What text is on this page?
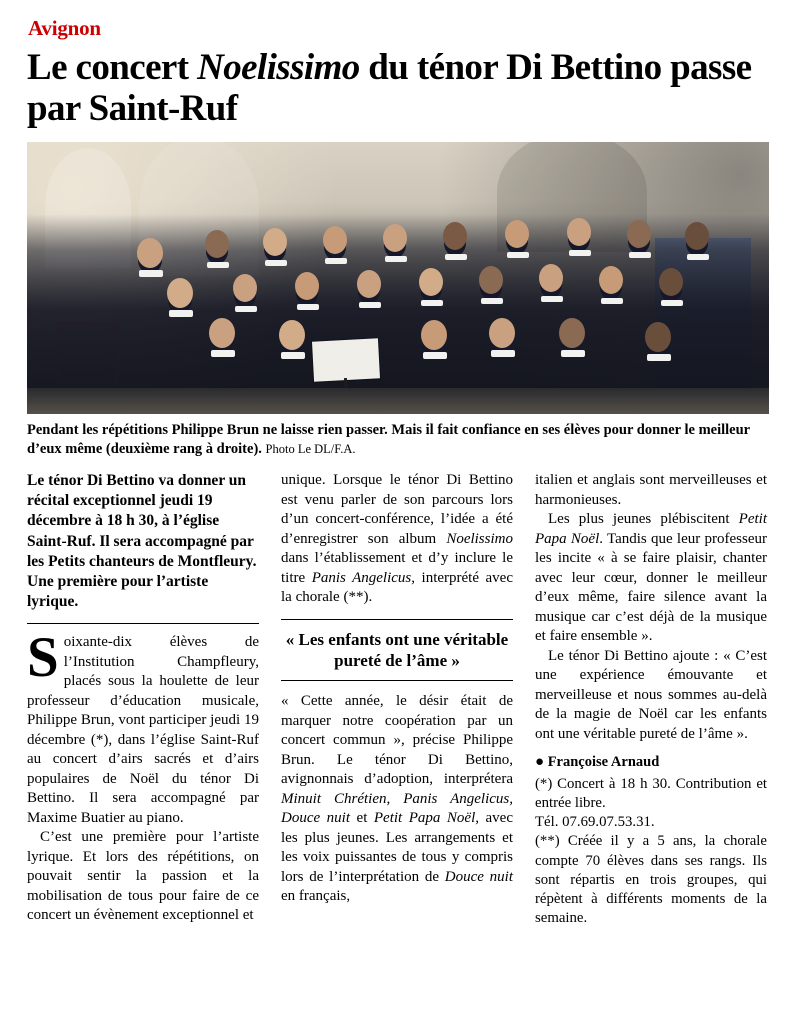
Avignon
Le concert Noelissimo du ténor Di Bettino passe par Saint-Ruf
Pendant les répétitions Philippe Brun ne laisse rien passer. Mais il fait confiance en ses élèves pour donner le meilleur d’eux même (deuxième rang à droite). Photo Le DL/F.A.
Le ténor Di Bettino va donner un récital exceptionnel jeudi 19 décembre à 18 h 30, à l’église Saint-Ruf. Il sera accompagné par les Petits chanteurs de Montfleury. Une première pour l’artiste lyrique.

Soixante-dix élèves de l’Institution Champfleury, placés sous la houlette de leur professeur d’éducation musicale, Philippe Brun, vont participer jeudi 19 décembre (*), dans l’église Saint-Ruf au concert d’airs sacrés et d’airs populaires de Noël du ténor Di Bettino. Il sera accompagné par Maxime Buatier au piano.

C’est une première pour l’artiste lyrique. Et lors des répétitions, on pouvait sentir la passion et la mobilisation de tous pour faire de ce concert un évènement exceptionnel et

unique. Lorsque le ténor Di Bettino est venu parler de son parcours lors d’un concert-conférence, l’idée a été d’enregistrer son album Noelissimo dans l’établissement et d’y inclure le titre Panis Angelicus, interprété avec la chorale (**).

« Les enfants ont une véritable pureté de l’âme »

« Cette année, le désir était de marquer notre coopération par un concert commun », précise Philippe Brun. Le ténor Di Bettino, avignonnais d’adoption, interprétera Minuit Chrétien, Panis Angelicus, Douce nuit et Petit Papa Noël, avec les plus jeunes. Les arrangements et les voix puissantes de tous y compris lors de l’interprétation de Douce nuit en français,

italien et anglais sont merveilleuses et harmonieuses.

Les plus jeunes plébiscitent Petit Papa Noël. Tandis que leur professeur les incite « à se faire plaisir, chanter avec leur cœur, donner le meilleur d’eux même, faire silence avant la musique car c’est déjà de la musique et faire ensemble ».

Le ténor Di Bettino ajoute : « C’est une expérience émouvante et merveilleuse et nous sommes au-delà de la magie de Noël car les enfants ont une véritable pureté de l’âme ».

● Françoise Arnaud

(*) Concert à 18 h 30. Contribution et entrée libre.

Tél. 07.69.07.53.31.

(**) Créée il y a 5 ans, la chorale compte 70 élèves dans ses rangs. Ils sont répartis en trois groupes, qui répètent à différents moments de la semaine.
